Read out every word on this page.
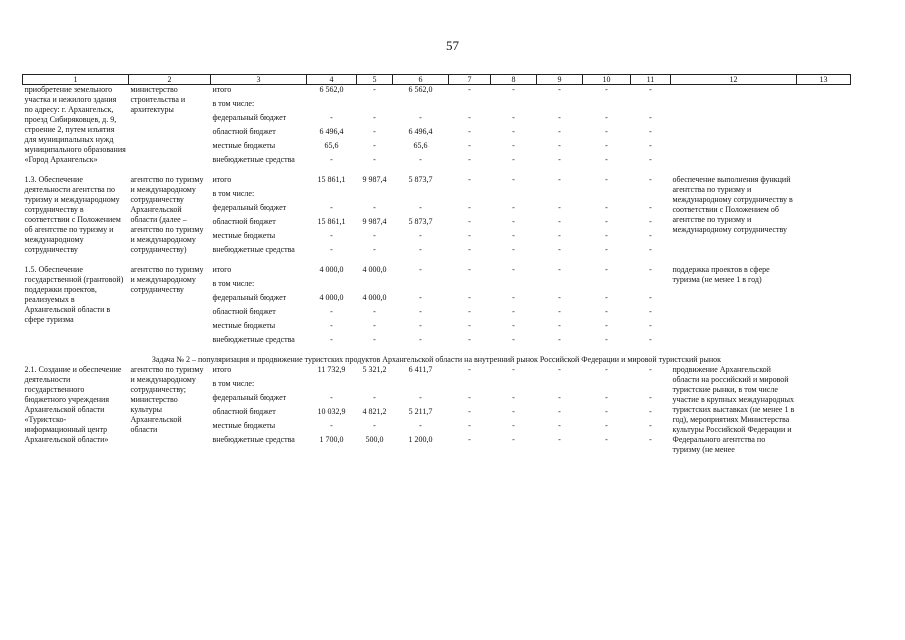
57
1	2	3	4	5	6	7	8	9	10	11	12	13
приобретение земельного участка и нежилого здания по адресу: г. Архангельск, проезд Сибиряковцев, д. 9, строение 2, путем изъятия для муниципальных нужд муниципального образования «Город Архангельск»	министерство строительства и архитектуры	итого	6 562,0	-	6 562,0	-	-	-	-	-		
		в том числе:										
		федеральный бюджет	-	-	-	-	-	-	-	-		
		областной бюджет	6 496,4	-	6 496,4	-	-	-	-	-		
		местные бюджеты	65,6	-	65,6	-	-	-	-	-		
		внебюджетные средства	-	-	-	-	-	-	-	-		
1.3. Обеспечение деятельности агентства по туризму и международному сотрудничеству в соответствии с Положением об агентстве по туризму и международному сотрудничеству	агентство по туризму и международному сотрудничеству Архангельской области (далее – агентство по туризму и международному сотрудничеству)	итого	15 861,1	9 987,4	5 873,7	-	-	-	-	-	обеспечение выполнения функций агентства по туризму и международному сотрудничеству в соответствии с Положением об агентстве по туризму и международному сотрудничеству	
		в том числе:										
		федеральный бюджет	-	-	-	-	-	-	-	-		
		областной бюджет	15 861,1	9 987,4	5 873,7	-	-	-	-	-		
		местные бюджеты	-	-	-	-	-	-	-	-		
		внебюджетные средства	-	-	-	-	-	-	-	-		
1.5. Обеспечение государственной (грантовой) поддержки проектов, реализуемых в Архангельской области в сфере туризма	агентство по туризму и международному сотрудничеству	итого	4 000,0	4 000,0	-	-	-	-	-	-	поддержка проектов в сфере туризма (не менее 1 в год)	
		в том числе:										
		федеральный бюджет	4 000,0	4 000,0	-	-	-	-	-	-		
		областной бюджет	-	-	-	-	-	-	-	-		
		местные бюджеты	-	-	-	-	-	-	-	-		
		внебюджетные средства	-	-	-	-	-	-	-	-		
Задача № 2 – популяризация и продвижение туристских продуктов Архангельской области на внутренний рынок Российской Федерации и мировой туристский рынок												
2.1. Создание и обеспечение деятельности государственного бюджетного учреждения Архангельской области «Туристско-информационный центр Архангельской области»	агентство по туризму и международному сотрудничеству; министерство культуры Архангельской области	итого	11 732,9	5 321,2	6 411,7	-	-	-	-	-	продвижение Архангельской области на российский и мировой туристские рынки, в том числе участие в крупных международных туристских выставках (не менее 1 в год), мероприятиях Министерства культуры Российской Федерации и Федерального агентства по туризму (не менее	
		в том числе:										
		федеральный бюджет	-	-	-	-	-	-	-	-		
		областной бюджет	10 032,9	4 821,2	5 211,7	-	-	-	-	-		
		местные бюджеты	-	-	-	-	-	-	-	-		
		внебюджетные средства	1 700,0	500,0	1 200,0	-	-	-	-	-		
